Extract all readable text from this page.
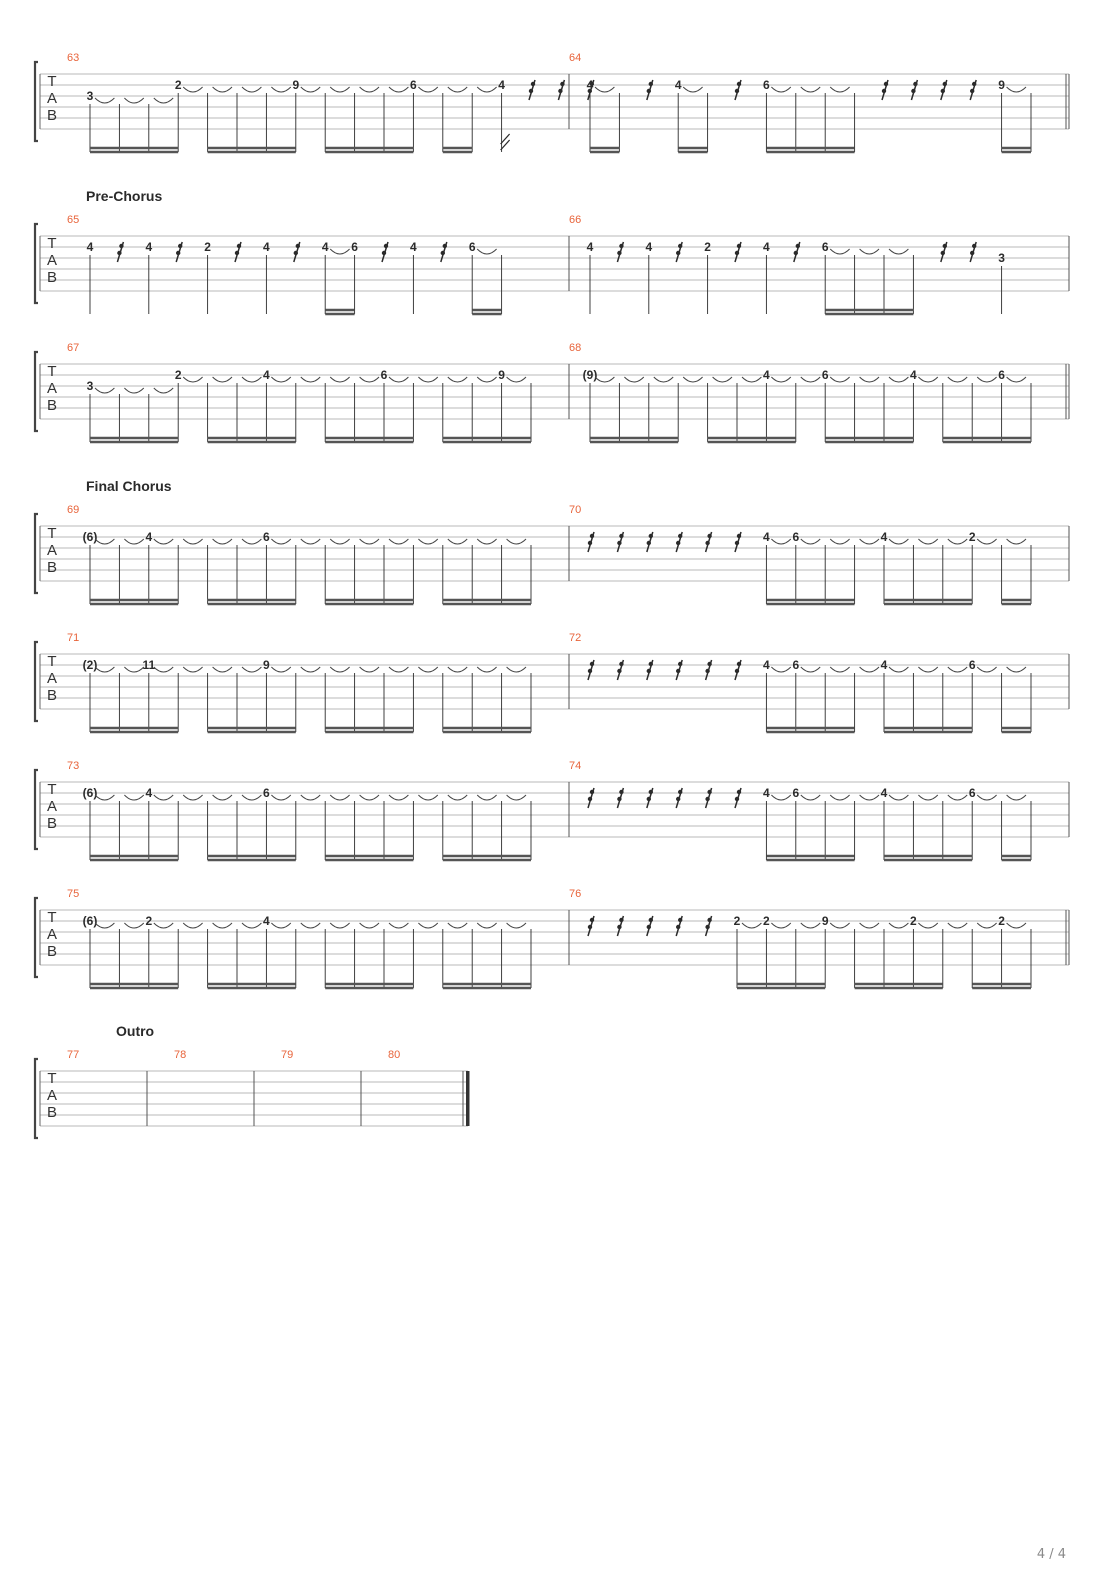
T
A
B
63
3
2	9	6	4
64
4	4	6	9
T
A
B
Pre-Chorus
65
4	4	2	4	4 6	4	6
66
4	4	2	4	6
3
T
A
B
67
3
2	4	6	9
68
(9)	4	6	4	6
T
A
B
Final Chorus
69
(6)	4	6
70
4 6	4	2
T
A
B
71
(2)	11	9
72
4 6	4	6
T
A
B
73
(6)	4	6
74
4 6	4	6
T
A
B
75
(6)	2	4
76
2 2	9	2	2
T
A
B
Outro
77	78	79	80
4 / 4
